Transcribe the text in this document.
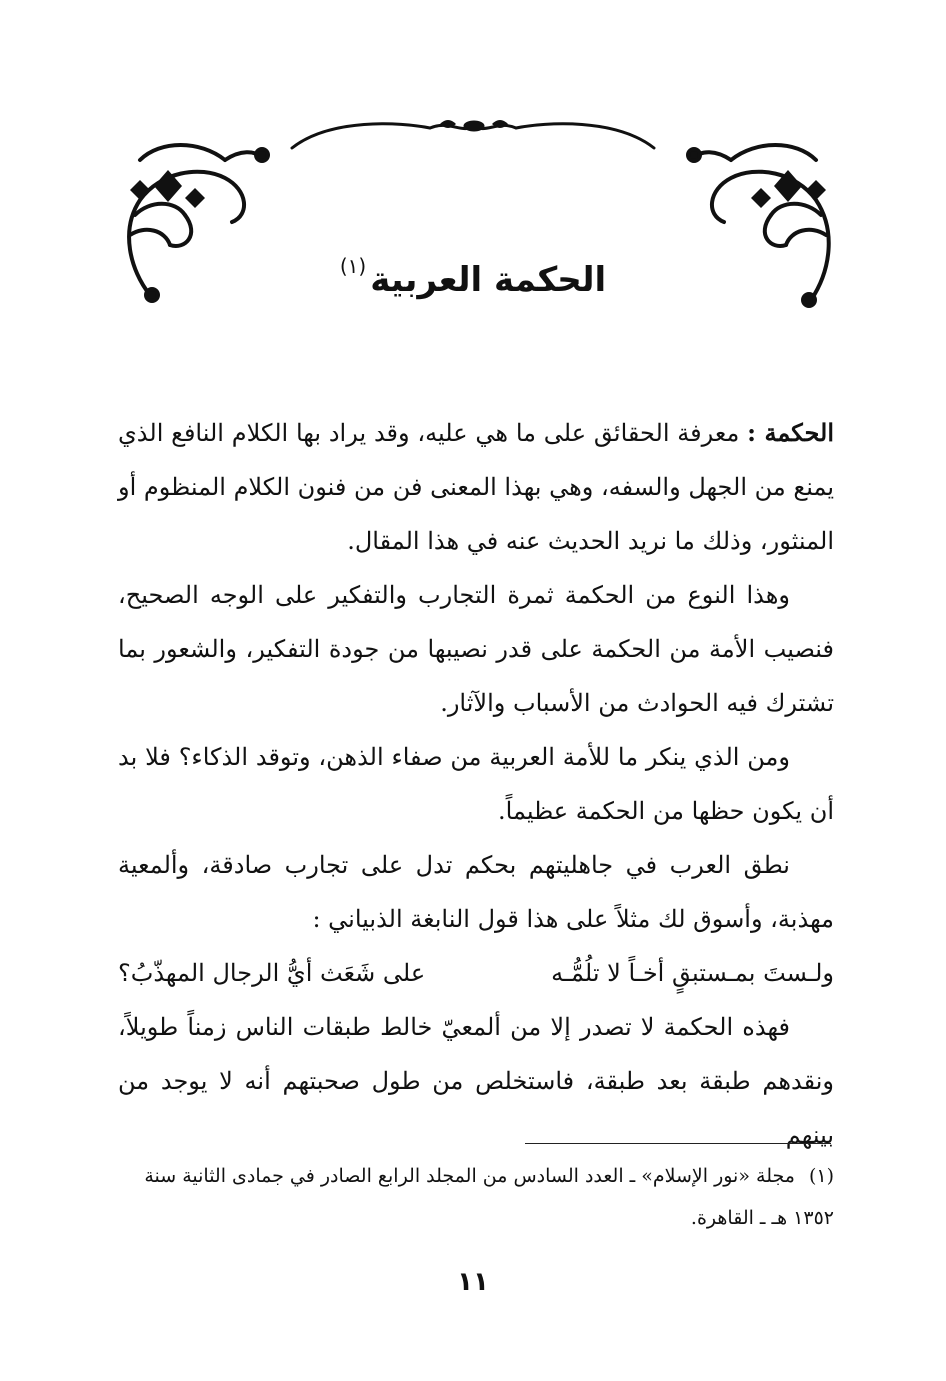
الحكمة العربية$^{(١)}$

الحكمة : معرفة الحقائق على ما هي عليه، وقد يراد بها الكلام النافع الذي يمنع من الجهل والسفه، وهي بهذا المعنى فن من فنون الكلام المنظوم أو المنثور، وذلك ما نريد الحديث عنه في هذا المقال.

وهذا النوع من الحكمة ثمرة التجارب والتفكير على الوجه الصحيح، فنصيب الأمة من الحكمة على قدر نصيبها من جودة التفكير، والشعور بما تشترك فيه الحوادث من الأسباب والآثار.

ومن الذي ينكر ما للأمة العربية من صفاء الذهن، وتوقد الذكاء؟ فلا بد أن يكون حظها من الحكمة عظيماً.

نطق العرب في جاهليتهم بحكم تدل على تجارب صادقة، وألمعية مهذبة، وأسوق لك مثلاً على هذا قول النابغة الذبياني :

ولـستَ بمـستبقٍ أخـاً لا تلُمُّـه
على شَعَث أيُّ الرجال المهذّبُ؟

فهذه الحكمة لا تصدر إلا من ألمعيّ خالط طبقات الناس زمناً طويلاً، ونقدهم طبقة بعد طبقة، فاستخلص من طول صحبتهم أنه لا يوجد من بينهم

(١)مجلة «نور الإسلام» ـ العدد السادس من المجلد الرابع الصادر في جمادى الثانية سنة ١٣٥٢ هـ ـ القاهرة.

١١
